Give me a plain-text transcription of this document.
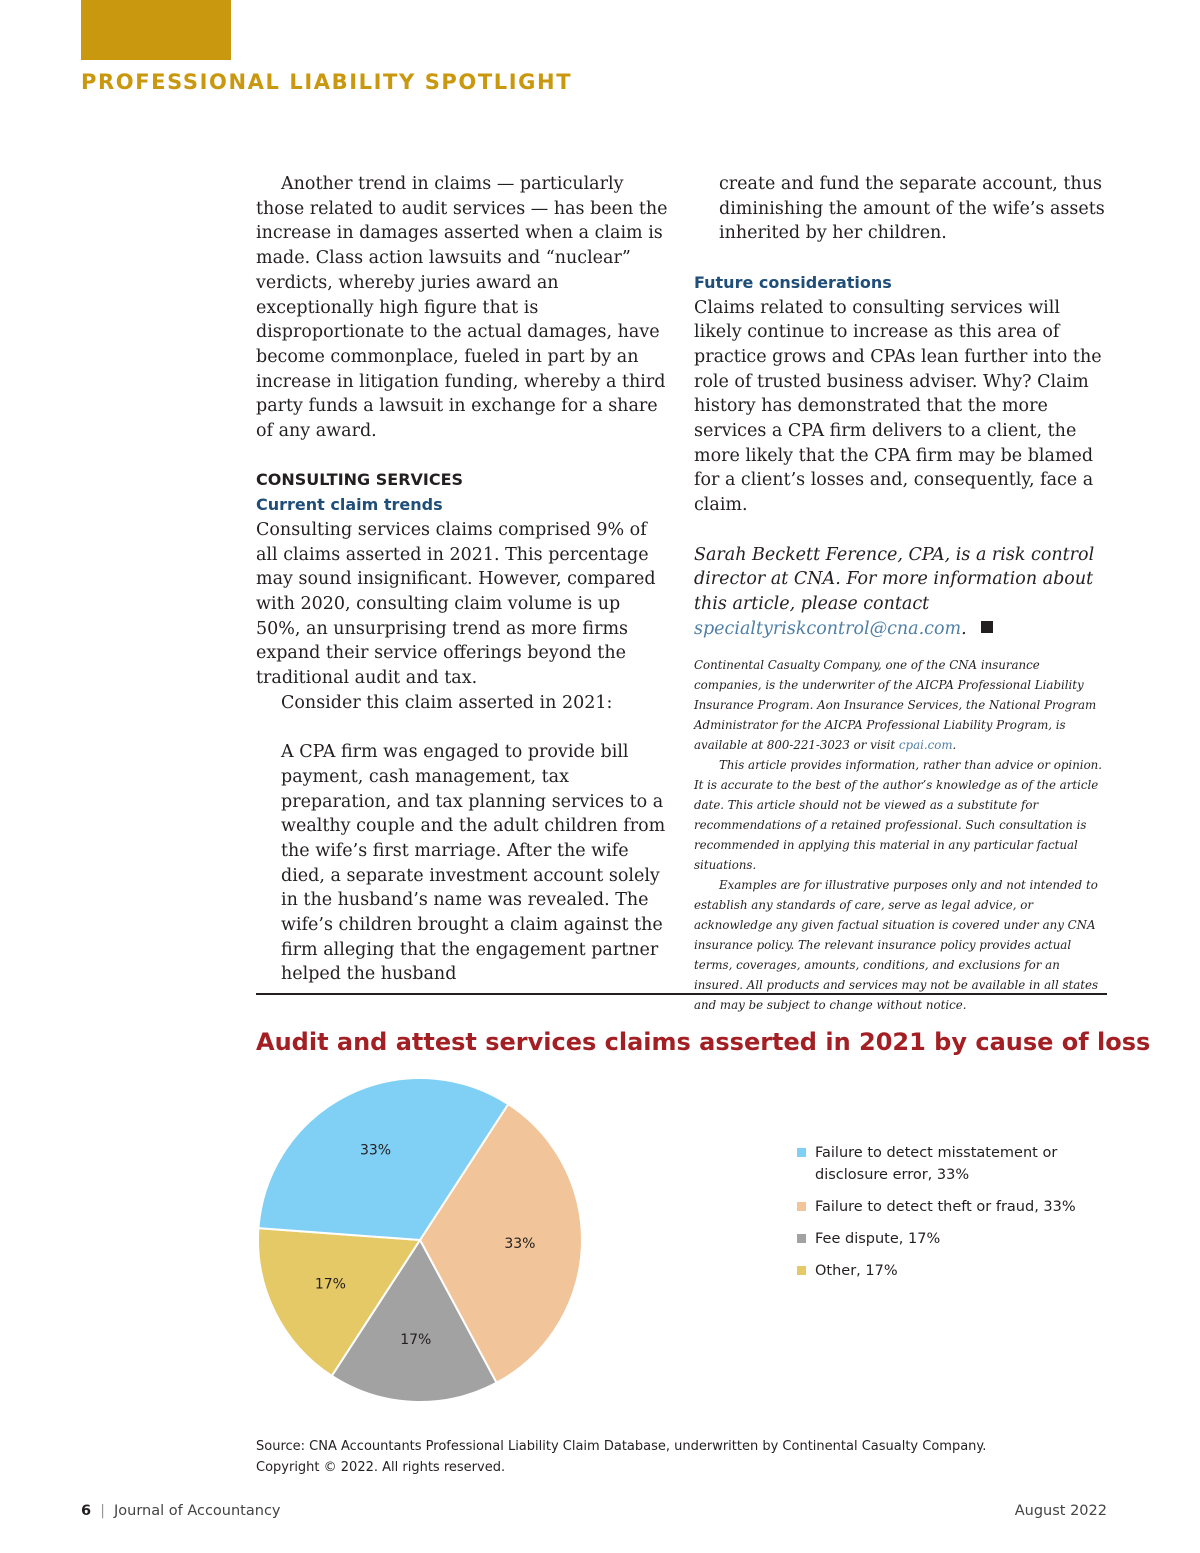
PROFESSIONAL LIABILITY SPOTLIGHT

Another trend in claims — particularly those related to audit services — has been the increase in damages asserted when a claim is made. Class action lawsuits and “nuclear” verdicts, whereby juries award an exceptionally high figure that is disproportionate to the actual damages, have become commonplace, fueled in part by an increase in litigation funding, whereby a third party funds a lawsuit in exchange for a share of any award.

CONSULTING SERVICES
Current claim trends

Consulting services claims comprised 9% of all claims asserted in 2021. This percentage may sound insignificant. However, compared with 2020, consulting claim volume is up 50%, an unsurprising trend as more firms expand their service offerings beyond the traditional audit and tax.

Consider this claim asserted in 2021:

A CPA firm was engaged to provide bill payment, cash management, tax preparation, and tax planning services to a wealthy couple and the adult children from the wife’s first marriage. After the wife died, a separate investment account solely in the husband’s name was revealed. The wife’s children brought a claim against the firm alleging that the engagement partner helped the husband

create and fund the separate account, thus diminishing the amount of the wife’s assets inherited by her children.

Future considerations

Claims related to consulting services will likely continue to increase as this area of practice grows and CPAs lean further into the role of trusted business adviser. Why? Claim history has demonstrated that the more services a CPA firm delivers to a client, the more likely that the CPA firm may be blamed for a client’s losses and, consequently, face a claim.

Sarah Beckett Ference, CPA, is a risk control director at CNA. For more information about this article, please contact specialtyriskcontrol@cna.com.

Continental Casualty Company, one of the CNA insurance companies, is the underwriter of the AICPA Professional Liability Insurance Program. Aon Insurance Services, the National Program Administrator for the AICPA Professional Liability Program, is available at 800-221-3023 or visit cpai.com.

This article provides information, rather than advice or opinion. It is accurate to the best of the author’s knowledge as of the article date. This article should not be viewed as a substitute for recommendations of a retained professional. Such consultation is recommended in applying this material in any particular factual situations.

Examples are for illustrative purposes only and not intended to establish any standards of care, serve as legal advice, or acknowledge any given factual situation is covered under any CNA insurance policy. The relevant insurance policy provides actual terms, coverages, amounts, conditions, and exclusions for an insured. All products and services may not be available in all states and may be subject to change without notice.

Audit and attest services claims asserted in 2021 by cause of loss
33%
17%
17%
33%	Failure to detect misstatement or disclosure error, 33%
Failure to detect theft or fraud, 33%
Fee dispute, 17%
Other, 17%
Source: CNA Accountants Professional Liability Claim Database, underwritten by Continental Casualty Company.
Copyright © 2022. All rights reserved.
6 | Journal of Accountancy	August 2022
